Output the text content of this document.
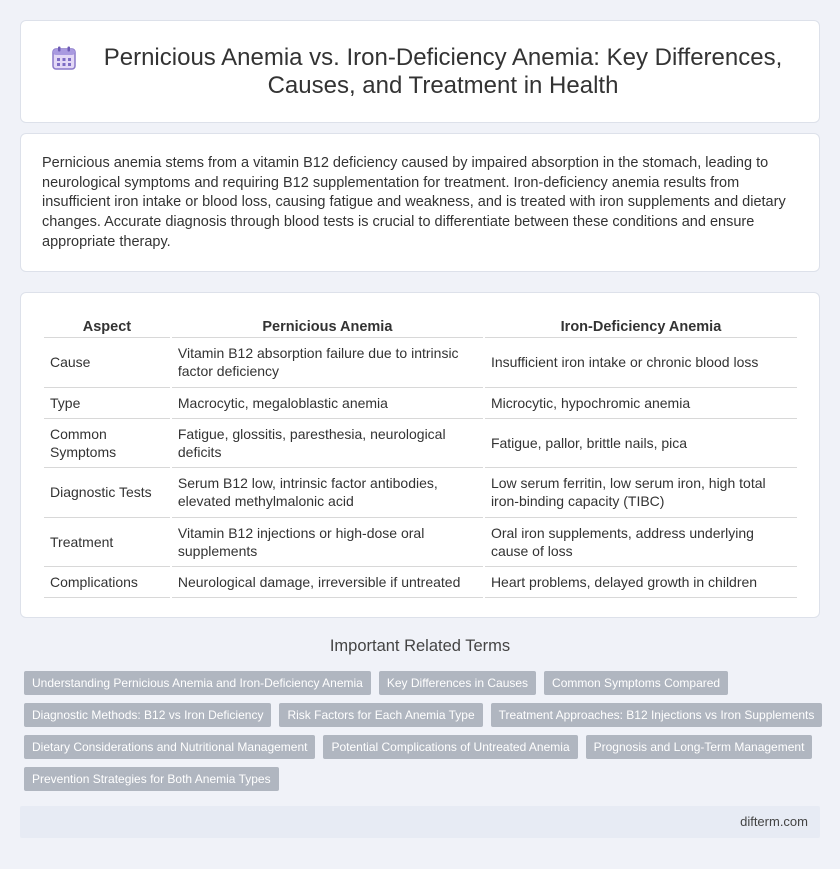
Pernicious Anemia vs. Iron-Deficiency Anemia: Key Differences, Causes, and Treatment in Health

Pernicious anemia stems from a vitamin B12 deficiency caused by impaired absorption in the stomach, leading to neurological symptoms and requiring B12 supplementation for treatment. Iron-deficiency anemia results from insufficient iron intake or blood loss, causing fatigue and weakness, and is treated with iron supplements and dietary changes. Accurate diagnosis through blood tests is crucial to differentiate between these conditions and ensure appropriate therapy.

Aspect	Pernicious Anemia	Iron-Deficiency Anemia
Cause	Vitamin B12 absorption failure due to intrinsic factor deficiency	Insufficient iron intake or chronic blood loss
Type	Macrocytic, megaloblastic anemia	Microcytic, hypochromic anemia
Common Symptoms	Fatigue, glossitis, paresthesia, neurological deficits	Fatigue, pallor, brittle nails, pica
Diagnostic Tests	Serum B12 low, intrinsic factor antibodies, elevated methylmalonic acid	Low serum ferritin, low serum iron, high total iron-binding capacity (TIBC)
Treatment	Vitamin B12 injections or high-dose oral supplements	Oral iron supplements, address underlying cause of loss
Complications	Neurological damage, irreversible if untreated	Heart problems, delayed growth in children
Important Related Terms
Understanding Pernicious Anemia and Iron-Deficiency Anemia	Key Differences in Causes	Common Symptoms Compared
Diagnostic Methods: B12 vs Iron Deficiency	Risk Factors for Each Anemia Type	Treatment Approaches: B12 Injections vs Iron Supplements
Dietary Considerations and Nutritional Management	Potential Complications of Untreated Anemia	Prognosis and Long-Term Management
Prevention Strategies for Both Anemia Types
difterm.com
